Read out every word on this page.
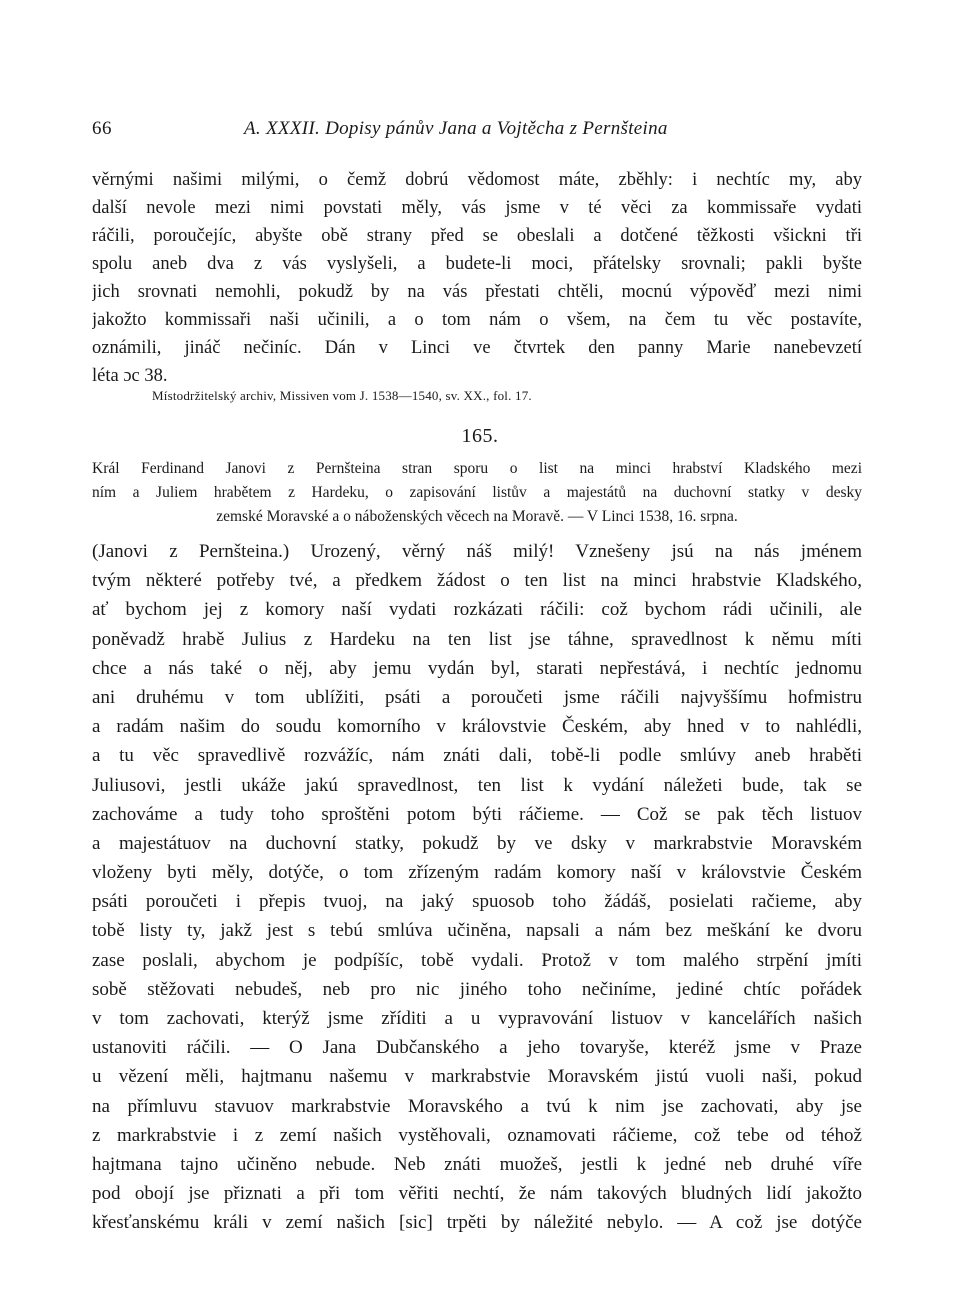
66	A. XXXII. Dopisy pánův Jana a Vojtěcha z Pernšteina
věrnými našimi milými, o čemž dobrú vědomost máte, zběhly: i nechtíc my, aby
další nevole mezi nimi povstati měly, vás jsme v té věci za kommissaře vydati
ráčili, poroučejíc, abyšte obě strany před se obeslali a dotčené těžkosti všickni tři
spolu aneb dva z vás vyslyšeli, a budete-li moci, přátelsky srovnali; pakli byšte
jich srovnati nemohli, pokudž by na vás přestati chtěli, mocnú výpověď mezi nimi
jakožto kommissaři naši učinili, a o tom nám o všem, na čem tu věc postavíte,
oznámili, jináč nečiníc. Dán v Linci ve čtvrtek den panny Marie nanebevzetí
léta ɔc 38.
Místodržitelský archiv, Missiven vom J. 1538—1540, sv. XX., fol. 17.
165.
Král Ferdinand Janovi z Pernšteina stran sporu o list na minci hrabství Kladského mezi
ním a Juliem hrabětem z Hardeku, o zapisování listův a majestátů na duchovní statky v desky
zemské Moravské a o náboženských věcech na Moravě. — V Linci 1538, 16. srpna.
(Janovi z Pernšteina.) Urozený, věrný náš milý! Vznešeny jsú na nás jménem
tvým některé potřeby tvé, a předkem žádost o ten list na minci hrabstvie Kladského,
ať bychom jej z komory naší vydati rozkázati ráčili: což bychom rádi učinili, ale
poněvadž hrabě Julius z Hardeku na ten list jse táhne, spravedlnost k němu míti
chce a nás také o něj, aby jemu vydán byl, starati nepřestává, i nechtíc jednomu
ani druhému v tom ublížiti, psáti a poroučeti jsme ráčili najvyššímu hofmistru
a radám našim do soudu komorního v královstvie Českém, aby hned v to nahlédli,
a tu věc spravedlivě rozvážíc, nám znáti dali, tobě-li podle smlúvy aneb hraběti
Juliusovi, jestli ukáže jakú spravedlnost, ten list k vydání náležeti bude, tak se
zachováme a tudy toho sproštěni potom býti ráčieme. — Což se pak těch listuov
a majestátuov na duchovní statky, pokudž by ve dsky v markrabstvie Moravském
vloženy byti měly, dotýče, o tom zřízeným radám komory naší v královstvie Českém
psáti poroučeti i přepis tvuoj, na jaký spuosob toho žádáš, posielati račieme, aby
tobě listy ty, jakž jest s tebú smlúva učiněna, napsali a nám bez meškání ke dvoru
zase poslali, abychom je podpíšíc, tobě vydali. Protož v tom malého strpění jmíti
sobě stěžovati nebudeš, neb pro nic jiného toho nečiníme, jediné chtíc pořádek
v tom zachovati, kterýž jsme zříditi a u vypravování listuov v kancelářích našich
ustanoviti ráčili. — O Jana Dubčanského a jeho tovaryše, kteréž jsme v Praze
u vězení měli, hajtmanu našemu v markrabstvie Moravském jistú vuoli naši, pokud
na přímluvu stavuov markrabstvie Moravského a tvú k nim jse zachovati, aby jse
z markrabstvie i z zemí našich vystěhovali, oznamovati ráčieme, což tebe od téhož
hajtmana tajno učiněno nebude. Neb znáti muožeš, jestli k jedné neb druhé víře
pod obojí jse přiznati a při tom věřiti nechtí, že nám takových bludných lidí jakožto
křesťanskému králi v zemí našich [sic] trpěti by náležité nebylo. — A což jse dotýče
